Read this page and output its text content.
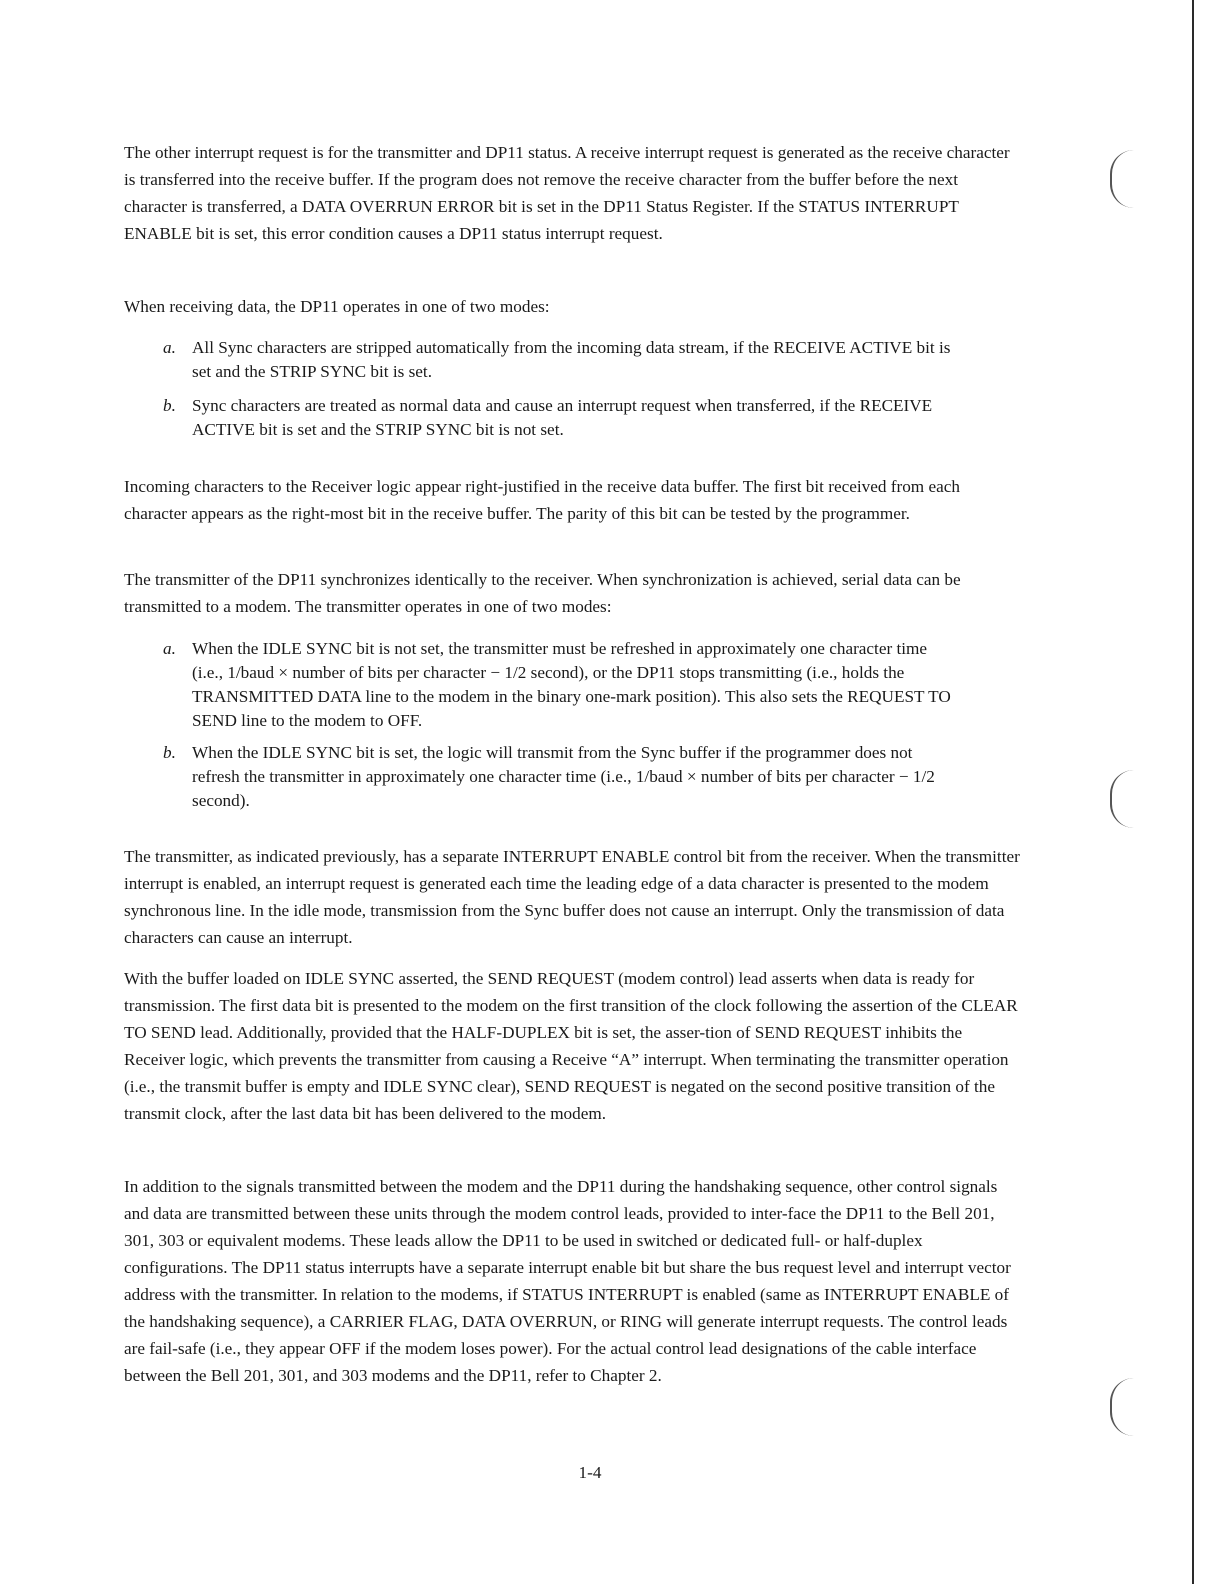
The other interrupt request is for the transmitter and DP11 status. A receive interrupt request is generated as the receive character is transferred into the receive buffer. If the program does not remove the receive character from the buffer before the next character is transferred, a DATA OVERRUN ERROR bit is set in the DP11 Status Register. If the STATUS INTERRUPT ENABLE bit is set, this error condition causes a DP11 status interrupt request.

When receiving data, the DP11 operates in one of two modes:

a. All Sync characters are stripped automatically from the incoming data stream, if the RECEIVE ACTIVE bit is set and the STRIP SYNC bit is set.
b. Sync characters are treated as normal data and cause an interrupt request when transferred, if the RECEIVE ACTIVE bit is set and the STRIP SYNC bit is not set.

Incoming characters to the Receiver logic appear right-justified in the receive data buffer. The first bit received from each character appears as the right-most bit in the receive buffer. The parity of this bit can be tested by the programmer.

The transmitter of the DP11 synchronizes identically to the receiver. When synchronization is achieved, serial data can be transmitted to a modem. The transmitter operates in one of two modes:

a. When the IDLE SYNC bit is not set, the transmitter must be refreshed in approximately one character time (i.e., 1/baud × number of bits per character − 1/2 second), or the DP11 stops transmitting (i.e., holds the TRANSMITTED DATA line to the modem in the binary one-mark position). This also sets the REQUEST TO SEND line to the modem to OFF.
b. When the IDLE SYNC bit is set, the logic will transmit from the Sync buffer if the programmer does not refresh the transmitter in approximately one character time (i.e., 1/baud × number of bits per character − 1/2 second).

The transmitter, as indicated previously, has a separate INTERRUPT ENABLE control bit from the receiver. When the transmitter interrupt is enabled, an interrupt request is generated each time the leading edge of a data character is presented to the modem synchronous line. In the idle mode, transmission from the Sync buffer does not cause an interrupt. Only the transmission of data characters can cause an interrupt.

With the buffer loaded on IDLE SYNC asserted, the SEND REQUEST (modem control) lead asserts when data is ready for transmission. The first data bit is presented to the modem on the first transition of the clock following the assertion of the CLEAR TO SEND lead. Additionally, provided that the HALF-DUPLEX bit is set, the asser-tion of SEND REQUEST inhibits the Receiver logic, which prevents the transmitter from causing a Receive “A” interrupt. When terminating the transmitter operation (i.e., the transmit buffer is empty and IDLE SYNC clear), SEND REQUEST is negated on the second positive transition of the transmit clock, after the last data bit has been delivered to the modem.

In addition to the signals transmitted between the modem and the DP11 during the handshaking sequence, other control signals and data are transmitted between these units through the modem control leads, provided to inter-face the DP11 to the Bell 201, 301, 303 or equivalent modems. These leads allow the DP11 to be used in switched or dedicated full- or half-duplex configurations. The DP11 status interrupts have a separate interrupt enable bit but share the bus request level and interrupt vector address with the transmitter. In relation to the modems, if STATUS INTERRUPT is enabled (same as INTERRUPT ENABLE of the handshaking sequence), a CARRIER FLAG, DATA OVERRUN, or RING will generate interrupt requests. The control leads are fail-safe (i.e., they appear OFF if the modem loses power). For the actual control lead designations of the cable interface between the Bell 201, 301, and 303 modems and the DP11, refer to Chapter 2.

1-4
